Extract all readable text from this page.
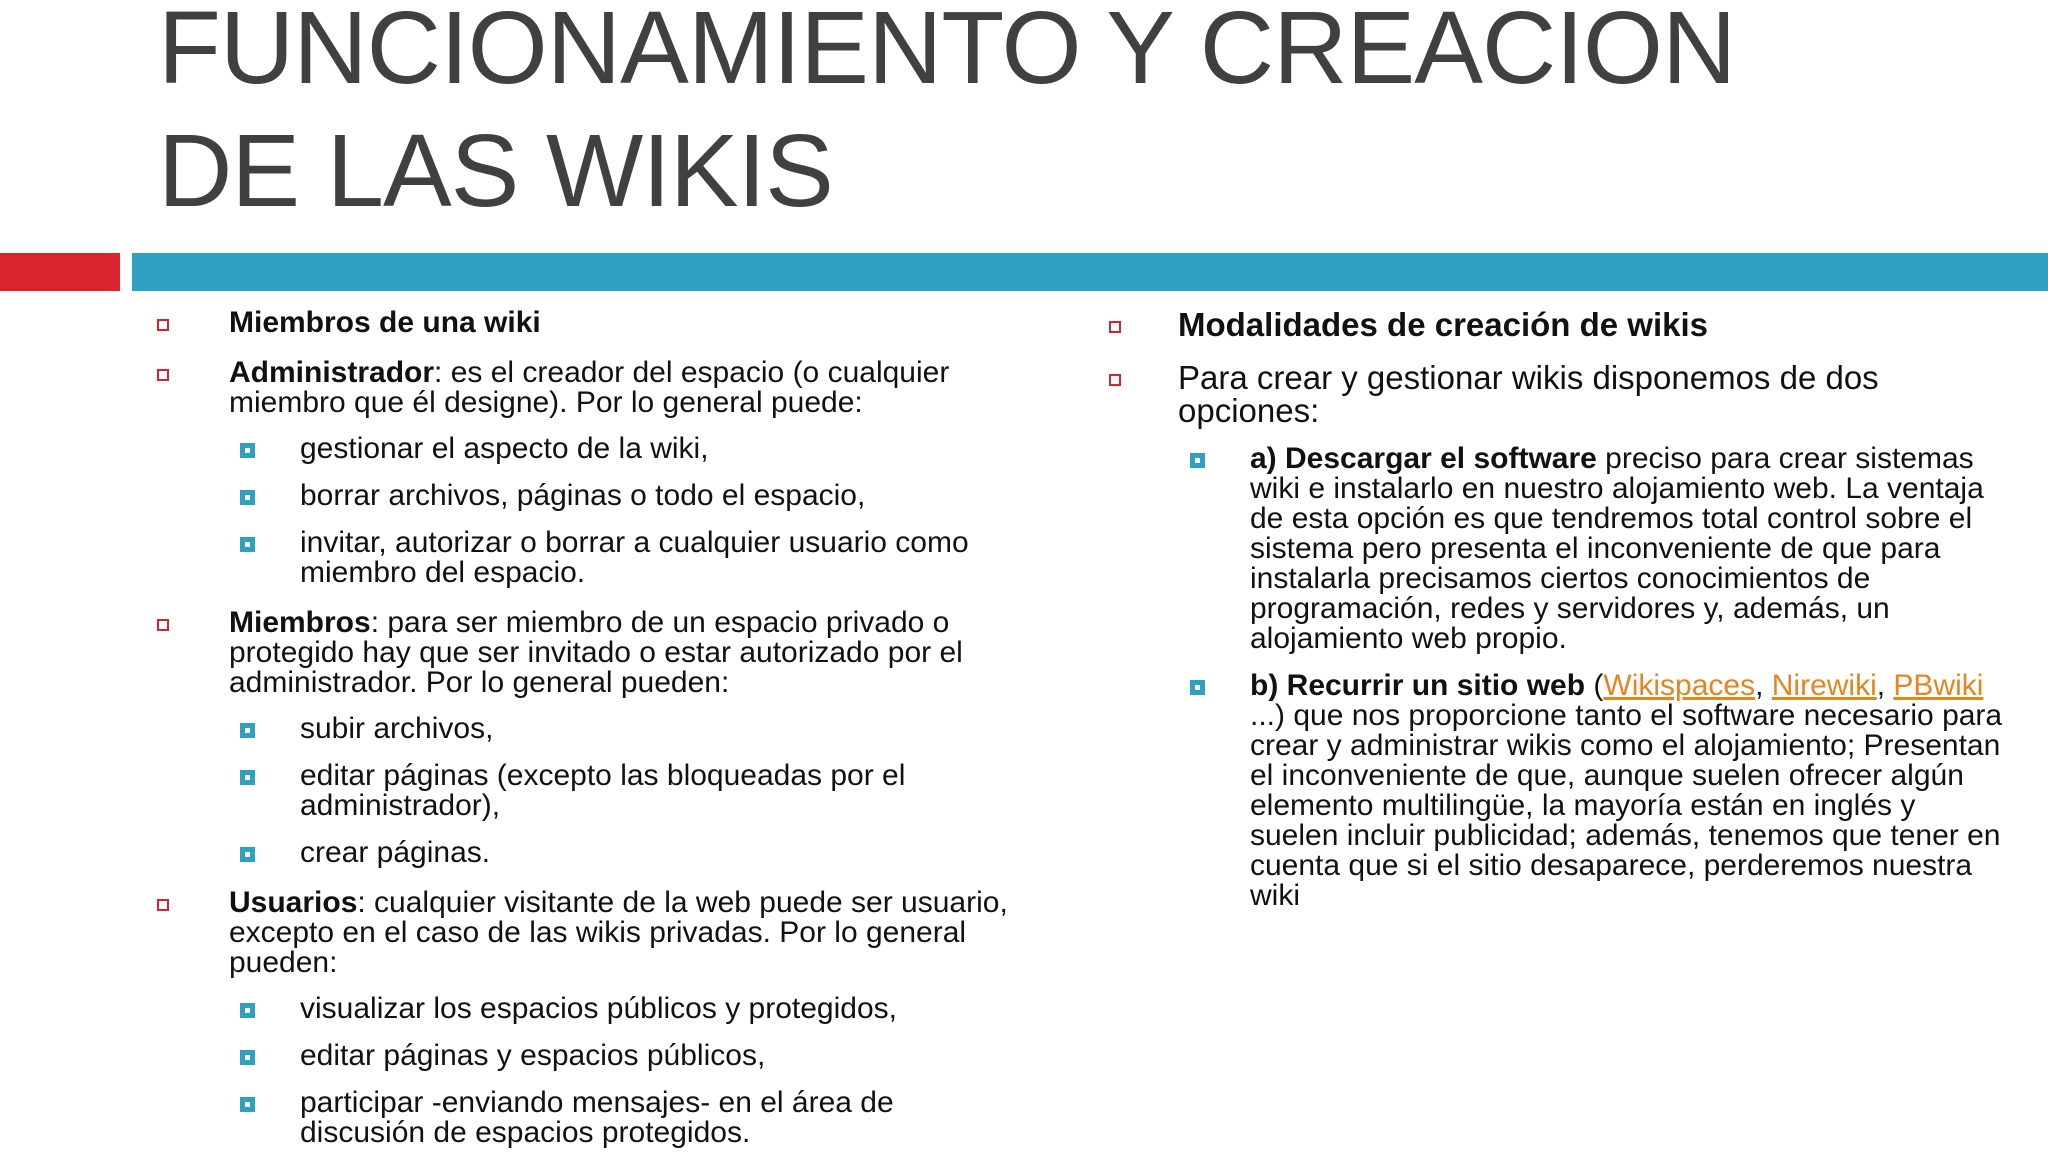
FUNCIONAMIENTO Y CREACION
DE LAS WIKIS
Miembros de una wiki
Administrador: es el creador del espacio (o cualquier miembro que él designe). Por lo general puede:
gestionar el aspecto de la wiki,
borrar archivos, páginas o todo el espacio,
invitar, autorizar o borrar a cualquier usuario como miembro del espacio.
Miembros: para ser miembro de un espacio privado o protegido hay que ser invitado o estar autorizado por el administrador. Por lo general pueden:
subir archivos,
editar páginas (excepto las bloqueadas por el administrador),
crear páginas.
Usuarios: cualquier visitante de la web puede ser usuario, excepto en el caso de las wikis privadas. Por lo general pueden:
visualizar los espacios públicos y protegidos,
editar páginas y espacios públicos,
participar -enviando mensajes- en el área de discusión de espacios protegidos.
Modalidades de creación de wikis
Para crear y gestionar wikis disponemos de dos opciones:
a) Descargar el software preciso para crear sistemas wiki e instalarlo en nuestro alojamiento web. La ventaja de esta opción es que tendremos total control sobre el sistema pero presenta el inconveniente de que para instalarla precisamos ciertos conocimientos de programación, redes y servidores y, además, un alojamiento web propio.
b) Recurrir un sitio web (Wikispaces, Nirewiki, PBwiki ...) que nos proporcione tanto el software necesario para crear y administrar wikis como el alojamiento; Presentan el inconveniente de que, aunque suelen ofrecer algún elemento multilingüe, la mayoría están en inglés y suelen incluir publicidad; además, tenemos que tener en cuenta que si el sitio desaparece, perderemos nuestra wiki
